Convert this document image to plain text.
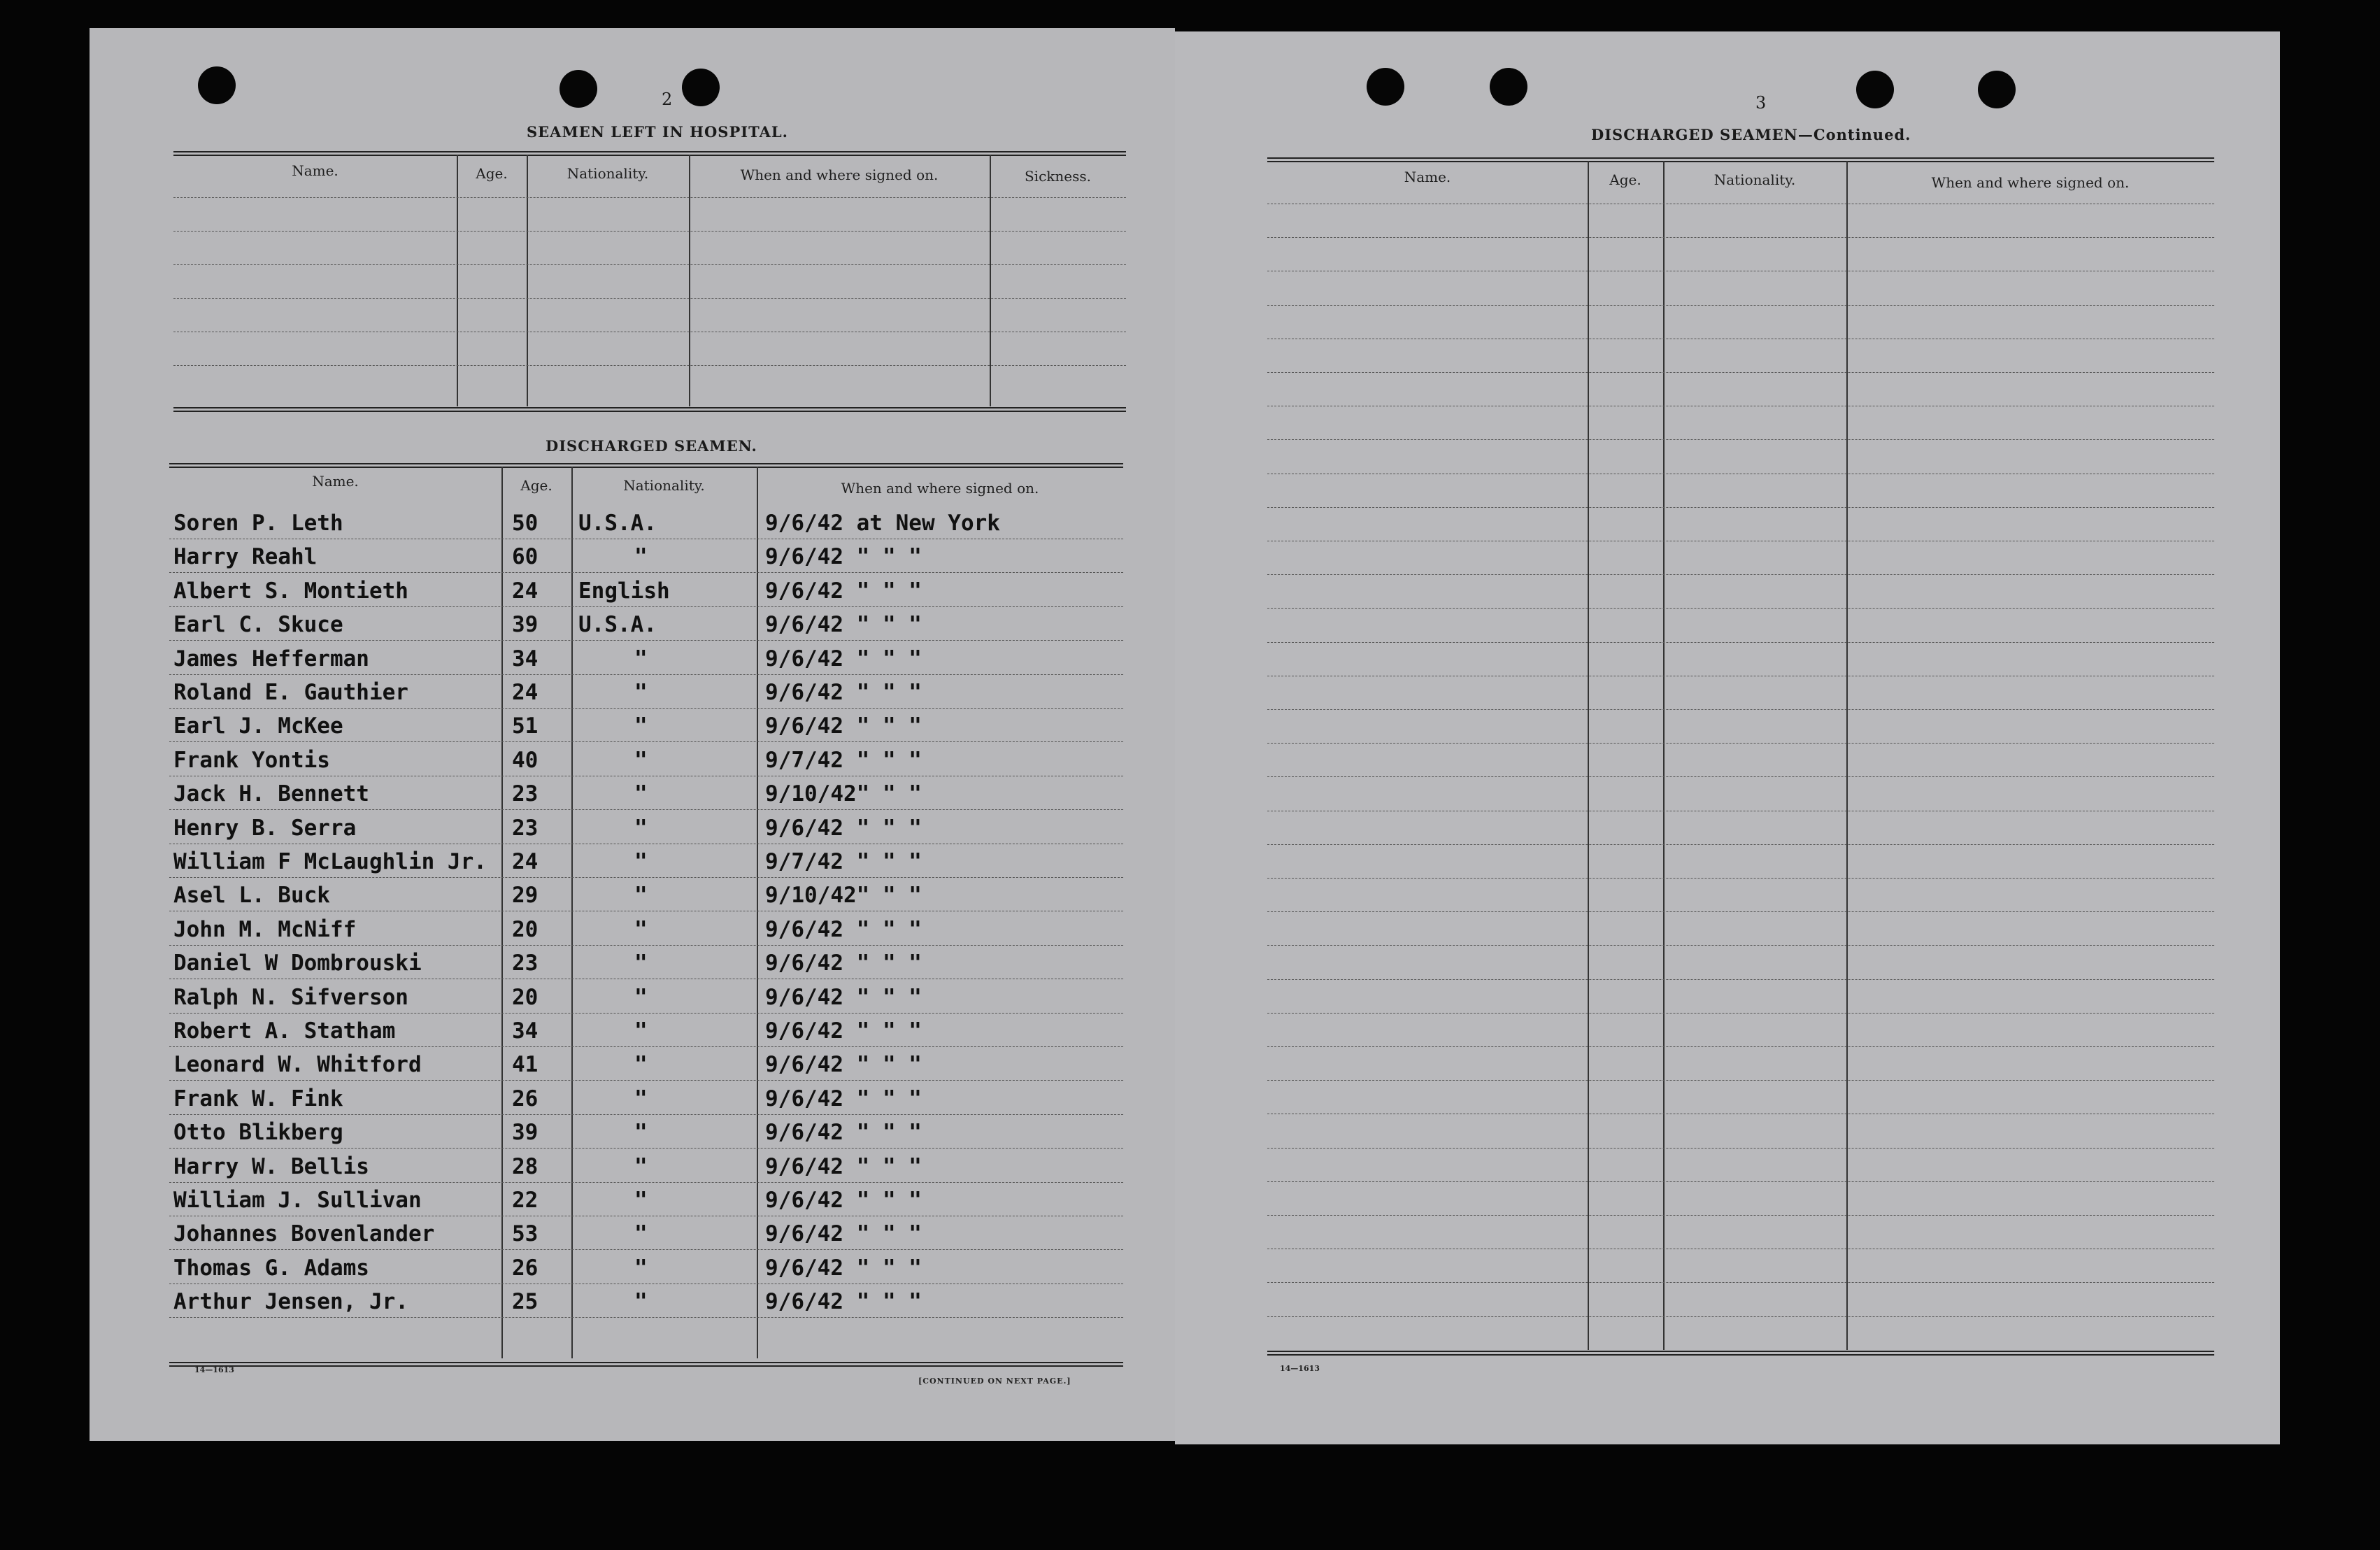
2
SEAMEN LEFT IN HOSPITAL.
Name.	Age.	Nationality.	When and where signed on.	Sickness.
DISCHARGED SEAMEN.
Name.	Age.	Nationality.	When and where signed on.
Soren P. Leth	50 U.S.A.	9/6/42 at New York
Harry Reahl	60	"	9/6/42 " " "
Albert S. Montieth	24 English	9/6/42 " " "
Earl C. Skuce	39 U.S.A.	9/6/42 " " "
James Hefferman	34	"	9/6/42 " " "
Roland E. Gauthier	24	"	9/6/42 " " "
Earl J. McKee	51	"	9/6/42 " " "
Frank Yontis	40	"	9/7/42 " " "
Jack H. Bennett	23	"	9/10/42" " "
Henry B. Serra	23	"	9/6/42 " " "
William F McLaughlin Jr. 24	"	9/7/42 " " "
Asel L. Buck	29	"	9/10/42" " "
John M. McNiff	20	"	9/6/42 " " "
Daniel W Dombrouski	23	"	9/6/42 " " "
Ralph N. Sifverson	20	"	9/6/42 " " "
Robert A. Statham	34	"	9/6/42 " " "
Leonard W. Whitford	41	"	9/6/42 " " "
Frank W. Fink	26	"	9/6/42 " " "
Otto Blikberg	39	"	9/6/42 " " "
Harry W. Bellis	28	"	9/6/42 " " "
William J. Sullivan	22	"	9/6/42 " " "
Johannes Bovenlander	53	"	9/6/42 " " "
Thomas G. Adams	26	"	9/6/42 " " "
Arthur Jensen, Jr.	25	"	9/6/42 " " "
14—1613
[CONTINUED ON NEXT PAGE.]
3
DISCHARGED SEAMEN—Continued.
Name.	Age.	Nationality.	When and where signed on.
14—1613
